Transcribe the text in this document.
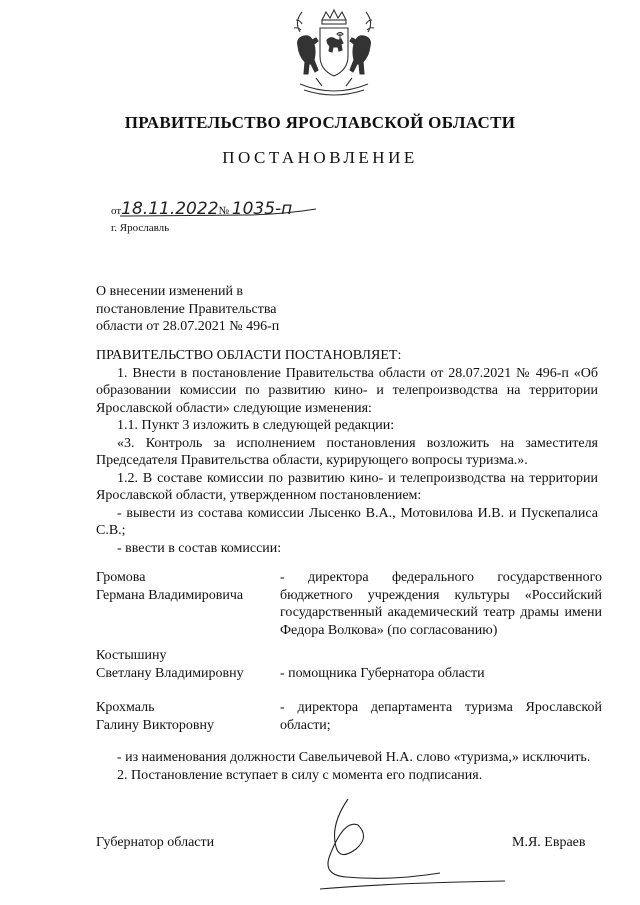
ПРАВИТЕЛЬСТВО ЯРОСЛАВСКОЙ ОБЛАСТИ
ПОСТАНОВЛЕНИЕ
от18.11.2022№ 1035-п
г. Ярославль
О внесении изменений в
постановление Правительства
области от 28.07.2021 № 496-п

ПРАВИТЕЛЬСТВО ОБЛАСТИ ПОСТАНОВЛЯЕТ:

1. Внести в постановление Правительства области от 28.07.2021 № 496-п «Об образовании комиссии по развитию кино- и телепроизводства на территории Ярославской области» следующие изменения:

1.1. Пункт 3 изложить в следующей редакции:

«3. Контроль за исполнением постановления возложить на заместителя Председателя Правительства области, курирующего вопросы туризма.».

1.2. В составе комиссии по развитию кино- и телепроизводства на территории Ярославской области, утвержденном постановлением:

- вывести из состава комиссии Лысенко В.А., Мотовилова И.В. и Пускепалиса С.В.;

- ввести в состав комиссии:

Громова
Германа Владимировича
- директора федерального государственного бюджетного учреждения культуры «Российский государственный академический театр драмы имени Федора Волкова» (по согласованию)
Костышину
Светлану Владимировну	- помощника Губернатора области
Крохмаль
Галину Викторовну
- директора департамента туризма Ярославской области;

- из наименования должности Савельичевой Н.А. слово «туризма,» исключить.

2. Постановление вступает в силу с момента его подписания.

Губернатор области	М.Я. Евраев
